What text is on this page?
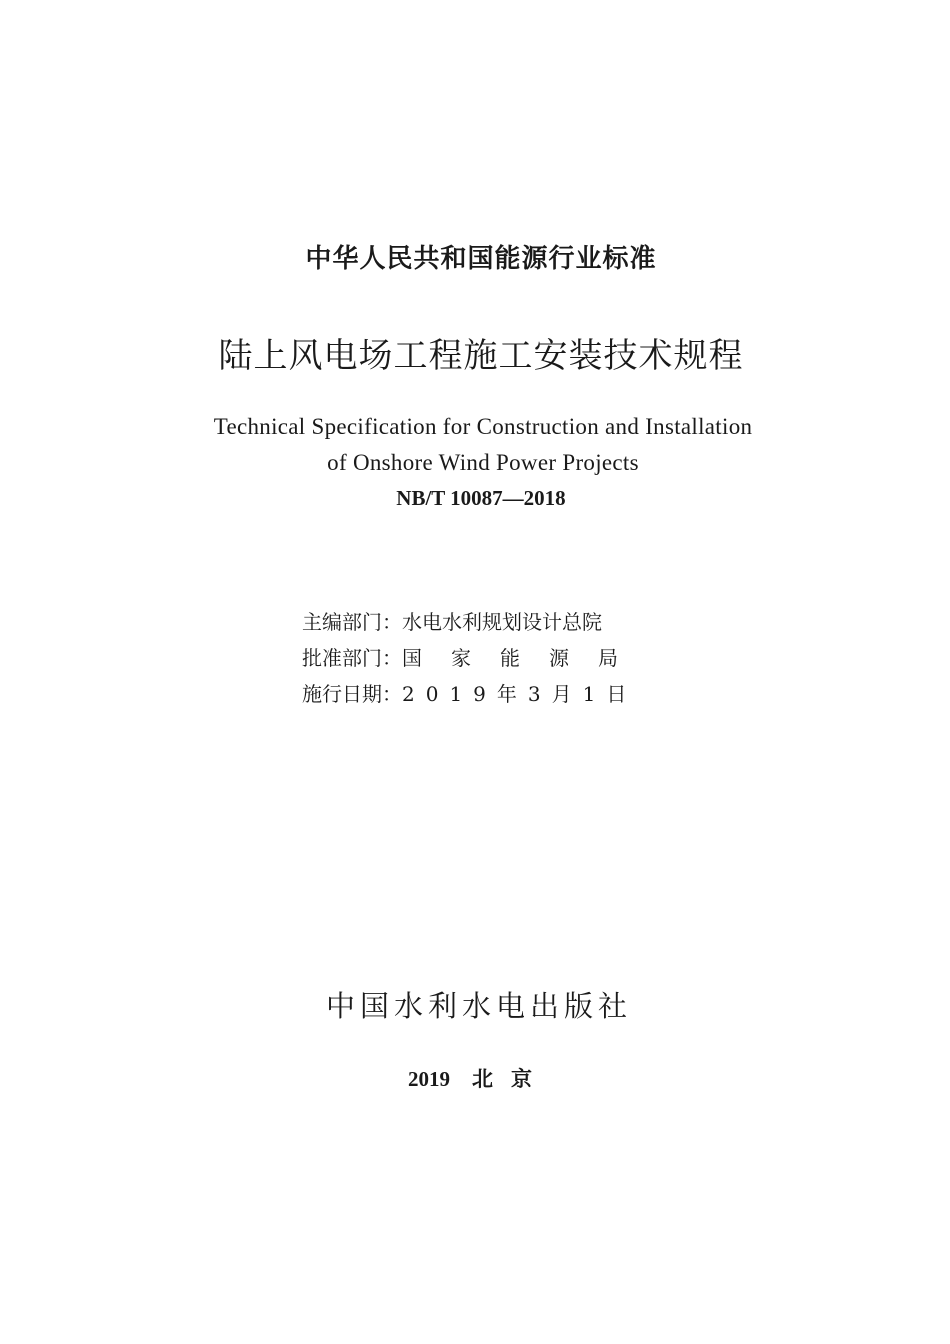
中华人民共和国能源行业标准
陆上风电场工程施工安装技术规程
Technical Specification for Construction and Installation
of Onshore Wind Power Projects
NB/T 10087—2018
主编部门：水电水利规划设计总院
批准部门：国家能源局
施行日期：2019年3月1日
中国水利水电出版社
2019 北京
